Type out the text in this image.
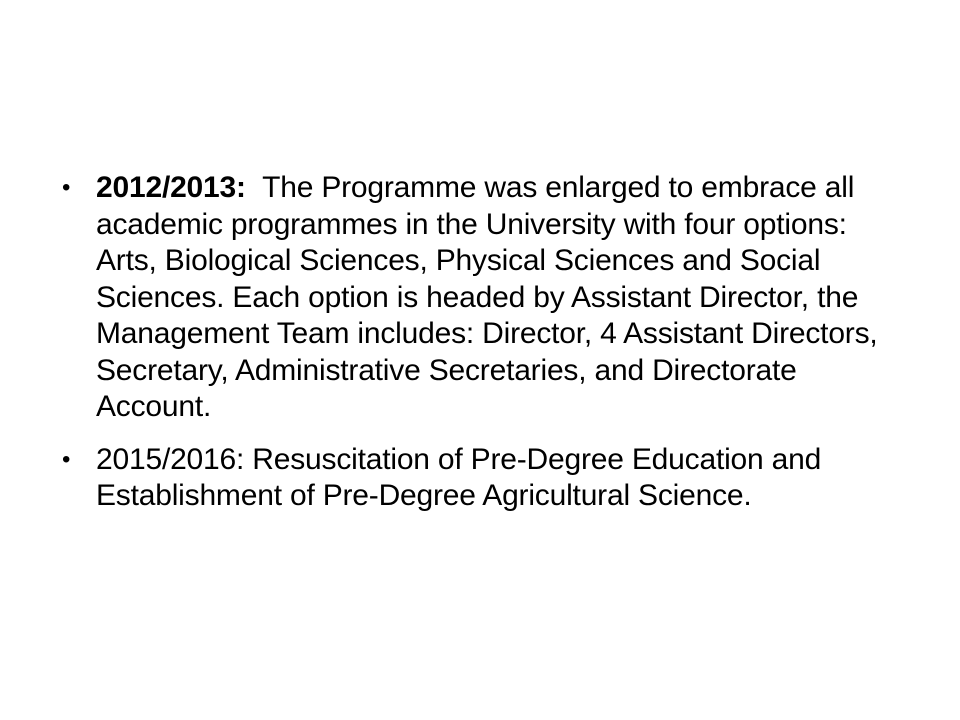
• 2012/2013: The Programme was enlarged to embrace all academic programmes in the University with four options: Arts, Biological Sciences, Physical Sciences and Social Sciences. Each option is headed by Assistant Director, the Management Team includes: Director, 4 Assistant Directors, Secretary, Administrative Secretaries, and Directorate Account.
• 2015/2016: Resuscitation of Pre-Degree Education and Establishment of Pre-Degree Agricultural Science.
